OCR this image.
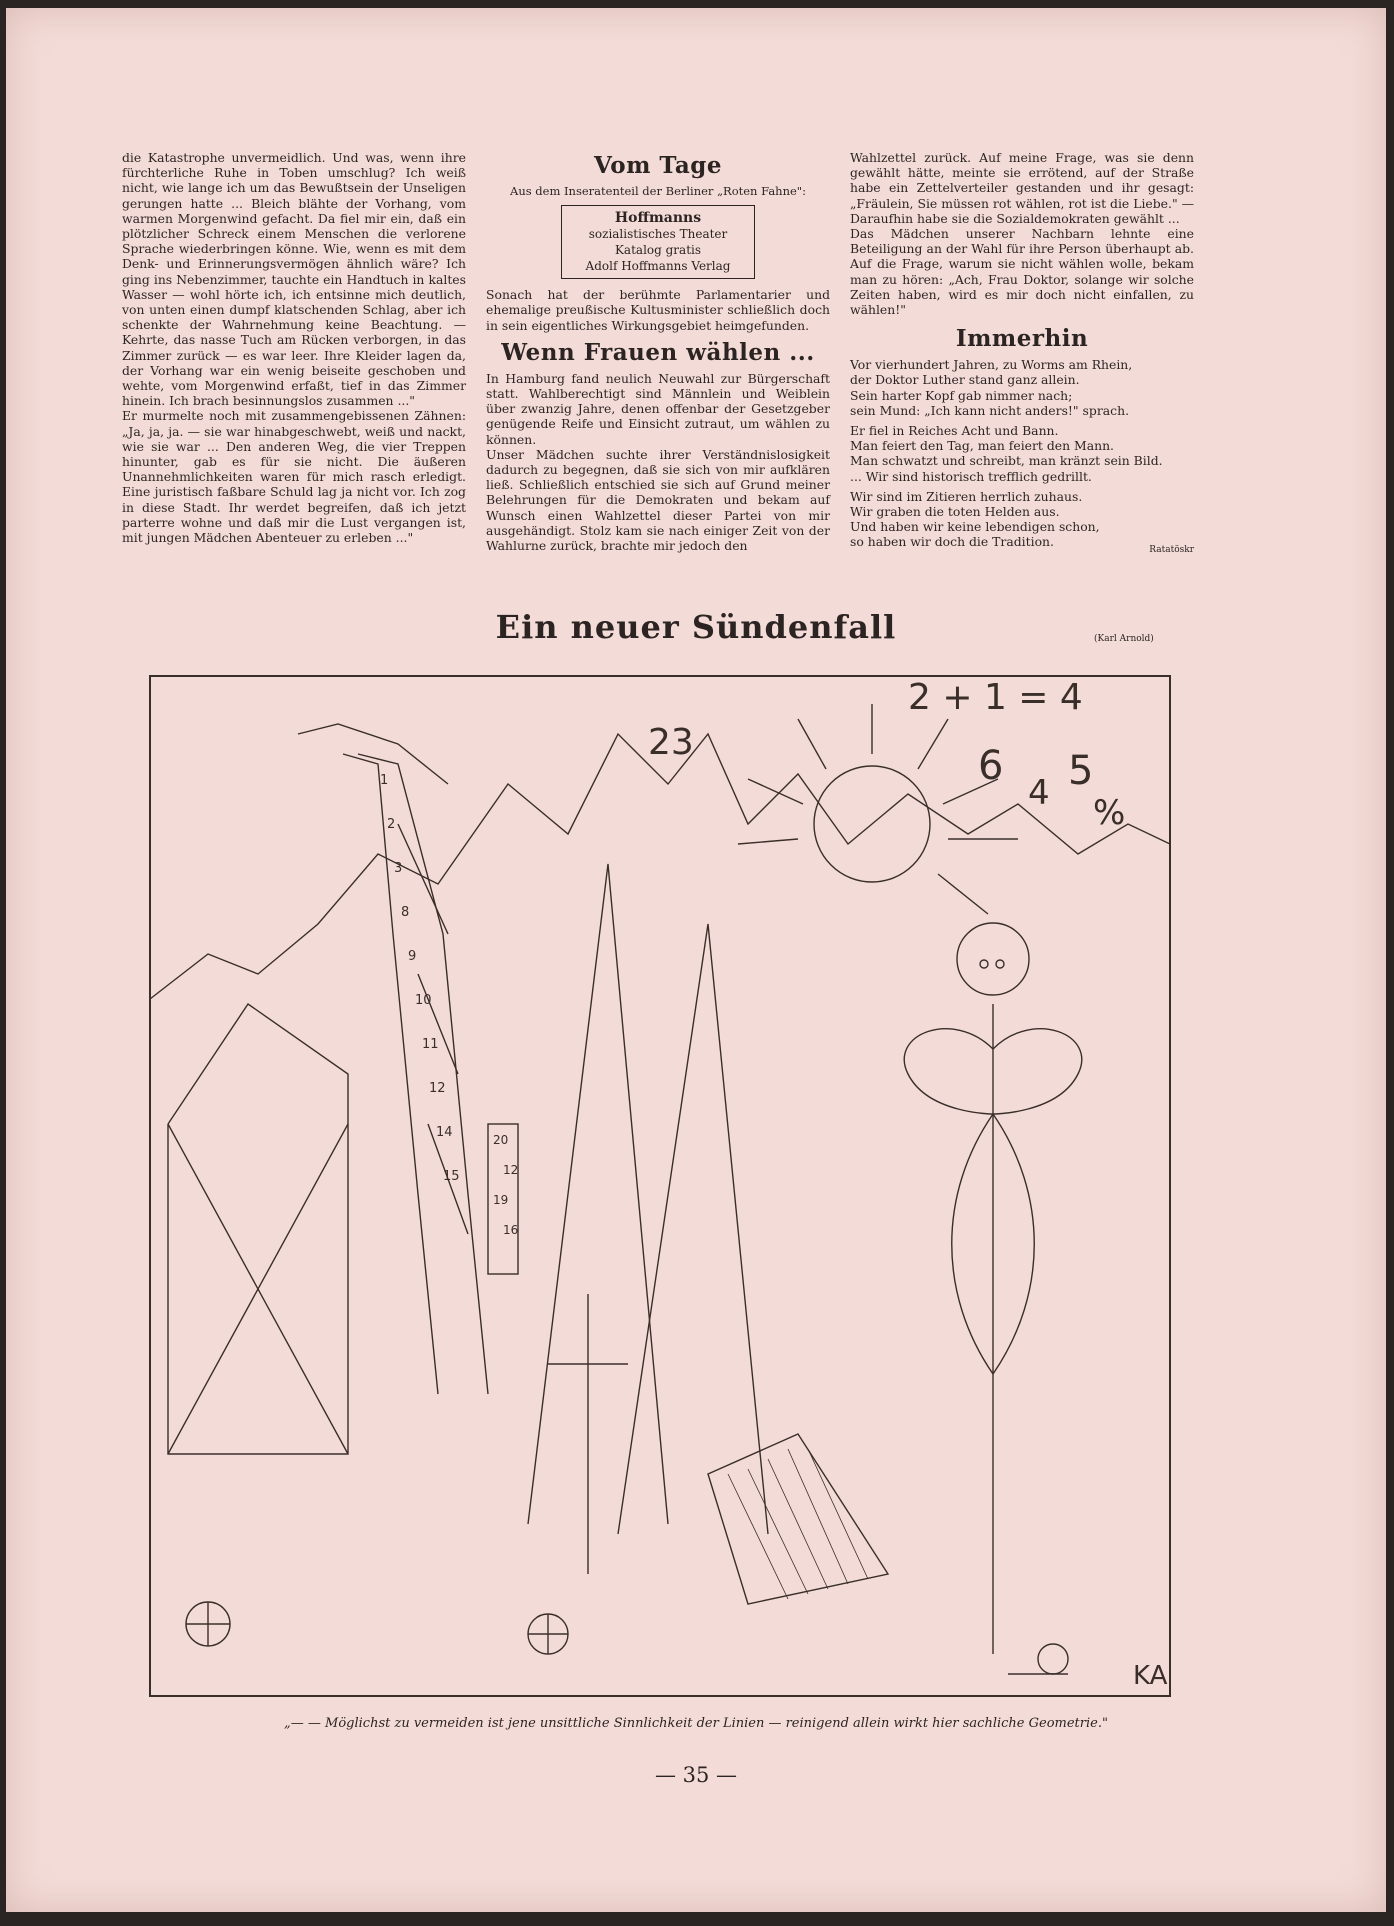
die Katastrophe unvermeidlich. Und was, wenn ihre fürchterliche Ruhe in Toben umschlug? Ich weiß nicht, wie lange ich um das Bewußtsein der Unseligen gerungen hatte ... Bleich blähte der Vorhang, vom warmen Morgenwind gefacht. Da fiel mir ein, daß ein plötzlicher Schreck einem Menschen die verlorene Sprache wiederbringen könne. Wie, wenn es mit dem Denk- und Erinnerungsvermögen ähnlich wäre? Ich ging ins Nebenzimmer, tauchte ein Handtuch in kaltes Wasser — wohl hörte ich, ich entsinne mich deutlich, von unten einen dumpf klatschenden Schlag, aber ich schenkte der Wahrnehmung keine Beachtung. — Kehrte, das nasse Tuch am Rücken verborgen, in das Zimmer zurück — es war leer. Ihre Kleider lagen da, der Vorhang war ein wenig beiseite geschoben und wehte, vom Morgenwind erfaßt, tief in das Zimmer hinein. Ich brach besinnungslos zusammen ..."
Er murmelte noch mit zusammengebissenen Zähnen: „Ja, ja, ja. — sie war hinabgeschwebt, weiß und nackt, wie sie war ... Den anderen Weg, die vier Treppen hinunter, gab es für sie nicht. Die äußeren Unannehmlichkeiten waren für mich rasch erledigt. Eine juristisch faßbare Schuld lag ja nicht vor. Ich zog in diese Stadt. Ihr werdet begreifen, daß ich jetzt parterre wohne und daß mir die Lust vergangen ist, mit jungen Mädchen Abenteuer zu erleben ..."

Vom Tage
Aus dem Inseratenteil der Berliner „Roten Fahne":
Hoffmanns
sozialistisches Theater
Katalog gratis
Adolf Hoffmanns Verlag

Sonach hat der berühmte Parlamentarier und ehemalige preußische Kultusminister schließlich doch in sein eigentliches Wirkungsgebiet heimgefunden.

Wenn Frauen wählen ...

In Hamburg fand neulich Neuwahl zur Bürgerschaft statt. Wahlberechtigt sind Männlein und Weiblein über zwanzig Jahre, denen offenbar der Gesetzgeber genügende Reife und Einsicht zutraut, um wählen zu können.
Unser Mädchen suchte ihrer Verständnislosigkeit dadurch zu begegnen, daß sie sich von mir aufklären ließ. Schließlich entschied sie sich auf Grund meiner Belehrungen für die Demokraten und bekam auf Wunsch einen Wahlzettel dieser Partei von mir ausgehändigt. Stolz kam sie nach einiger Zeit von der Wahlurne zurück, brachte mir jedoch den

Wahlzettel zurück. Auf meine Frage, was sie denn gewählt hätte, meinte sie errötend, auf der Straße habe ein Zettelverteiler gestanden und ihr gesagt: „Fräulein, Sie müssen rot wählen, rot ist die Liebe." — Daraufhin habe sie die Sozialdemokraten gewählt ...
Das Mädchen unserer Nachbarn lehnte eine Beteiligung an der Wahl für ihre Person überhaupt ab. Auf die Frage, warum sie nicht wählen wolle, bekam man zu hören: „Ach, Frau Doktor, solange wir solche Zeiten haben, wird es mir doch nicht einfallen, zu wählen!"

Immerhin

Vor vierhundert Jahren, zu Worms am Rhein,
der Doktor Luther stand ganz allein.
Sein harter Kopf gab nimmer nach;
sein Mund: „Ich kann nicht anders!" sprach.

Er fiel in Reiches Acht und Bann.
Man feiert den Tag, man feiert den Mann.
Man schwatzt und schreibt, man kränzt sein Bild.
... Wir sind historisch trefflich gedrillt.

Wir sind im Zitieren herrlich zuhaus.
Wir graben die toten Helden aus.
Und haben wir keine lebendigen schon,
so haben wir doch die Tradition.

Ratatöskr
Ein neuer Sündenfall	(Karl Arnold)
2 + 1 = 4
23
6
4 5
%
1
2
3
8
9
10
11
12
14
15
20
12
19
16
KA
„— — Möglichst zu vermeiden ist jene unsittliche Sinnlichkeit der Linien — reinigend allein wirkt hier sachliche Geometrie."
— 35 —
